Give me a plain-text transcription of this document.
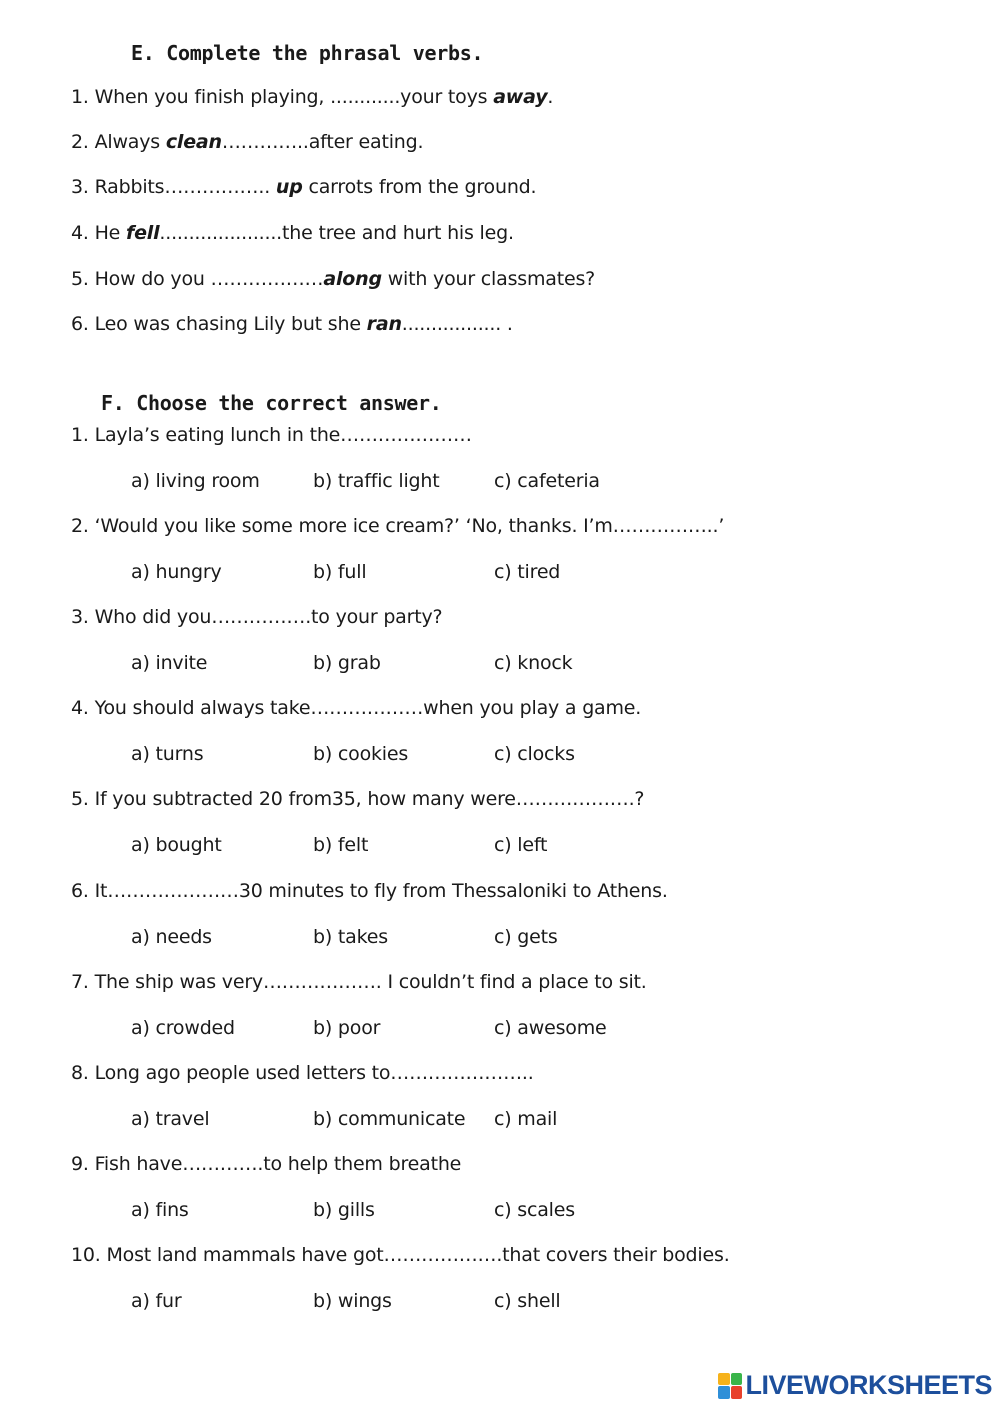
E. Complete the phrasal verbs.
1. When you finish playing, ............your toys away.
2. Always clean…………..after eating.
3. Rabbits…………….. up carrots from the ground.
4. He fell.....................the tree and hurt his leg.
5. How do you ………………along with your classmates?
6. Leo was chasing Lily but she ran................. .
F. Choose the correct answer.
1. Layla’s eating lunch in the…………………
a) living room	b) traffic light	c) cafeteria
2. ‘Would you like some more ice cream?’ ‘No, thanks. I’m……………..’
a) hungry	b) full	c) tired
3. Who did you…………….to your party?
a) invite	b) grab	c) knock
4. You should always take………………when you play a game.
a) turns	b) cookies	c) clocks
5. If you subtracted 20 from35, how many were……………….?
a) bought	b) felt	c) left
6. It…………………30 minutes to fly from Thessaloniki to Athens.
a) needs	b) takes	c) gets
7. The ship was very………………. I couldn’t find a place to sit.
a) crowded	b) poor	c) awesome
8. Long ago people used letters to…………………..
a) travel	b) communicate c) mail
9. Fish have………….to help them breathe
a) fins	b) gills	c) scales
10. Most land mammals have got……………….that covers their bodies.
a) fur	b) wings	c) shell
LIVEWORKSHEETS
